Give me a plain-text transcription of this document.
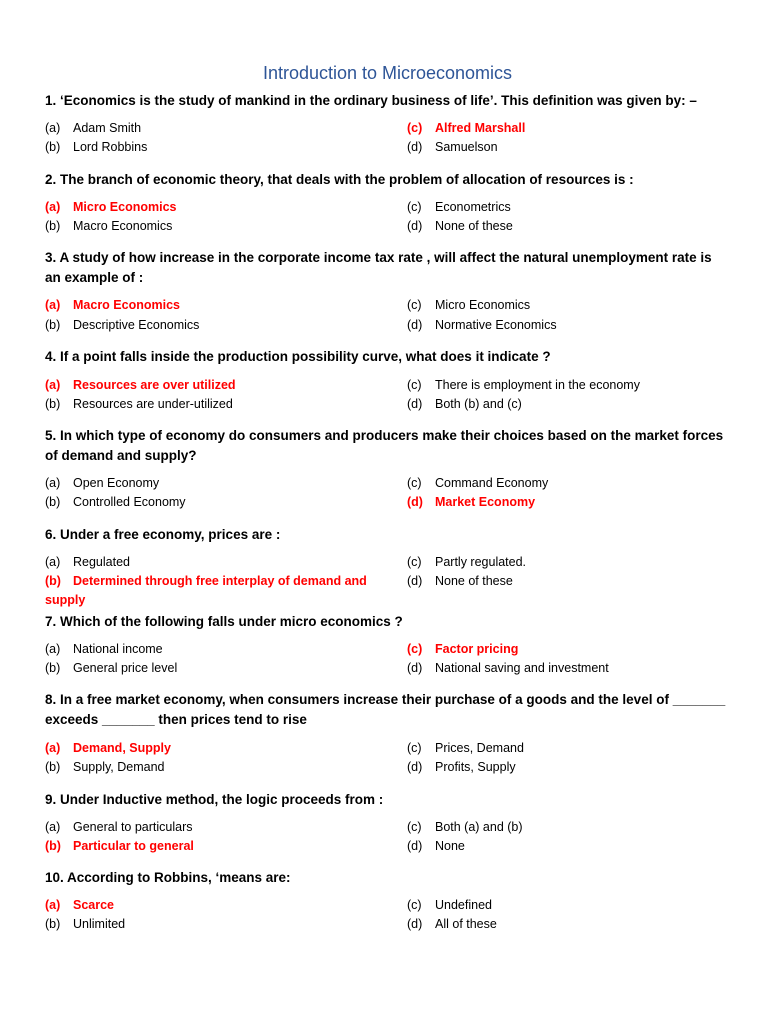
Introduction to Microeconomics
1. ‘Economics is the study of mankind in the ordinary business of life’. This definition was given by: –
(a) Adam Smith
(b) Lord Robbins
(c) Alfred Marshall
(d) Samuelson
2. The branch of economic theory, that deals with the problem of allocation of resources is :
(a) Micro Economics
(b) Macro Economics
(c) Econometrics
(d) None of these
3. A study of how increase in the corporate income tax rate , will affect the natural unemployment rate is an example of :
(a) Macro Economics
(b) Descriptive Economics
(c) Micro Economics
(d) Normative Economics
4. If a point falls inside the production possibility curve, what does it indicate ?
(a) Resources are over utilized
(b) Resources are under-utilized
(c) There is employment in the economy
(d) Both (b) and (c)
5. In which type of economy do consumers and producers make their choices based on the market forces of demand and supply?
(a) Open Economy
(b) Controlled Economy
(c) Command Economy
(d) Market Economy
6. Under a free economy, prices are :
(a) Regulated
(b) Determined through free interplay of demand and supply
(c) Partly regulated.
(d) None of these
7. Which of the following falls under micro economics ?
(a) National income
(b) General price level
(c) Factor pricing
(d) National saving and investment
8. In a free market economy, when consumers increase their purchase of a goods and the level of _______ exceeds _______ then prices tend to rise
(a) Demand, Supply
(b) Supply, Demand
(c) Prices, Demand
(d) Profits, Supply
9. Under Inductive method, the logic proceeds from :
(a) General to particulars
(b) Particular to general
(c) Both (a) and (b)
(d) None
10. According to Robbins, ‘means are:
(a) Scarce
(b) Unlimited
(c) Undefined
(d) All of these
